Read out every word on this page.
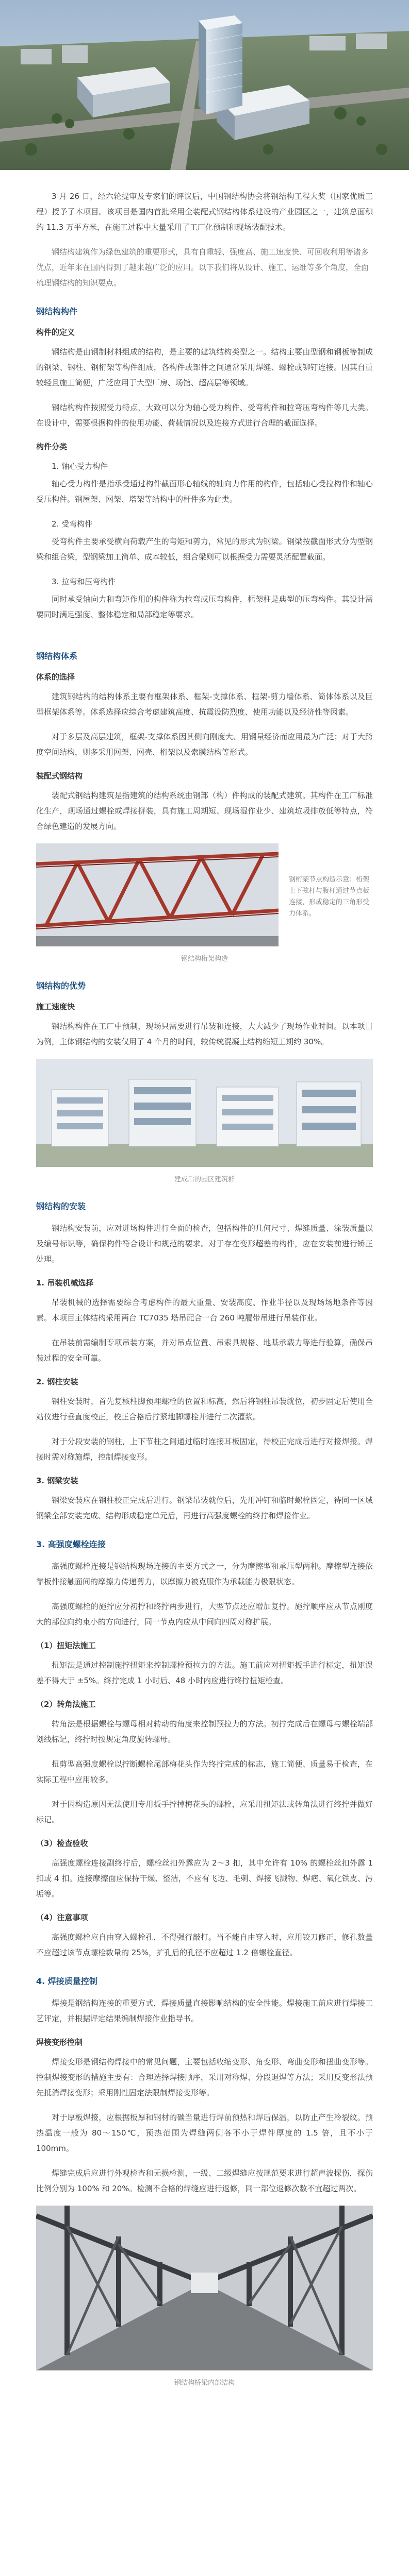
3 月 26 日，经六轮提审及专家们的评议后，中国钢结构协会将钢结构工程大奖（国家优质工程）授予了本项目。该项目是国内首批采用全装配式钢结构体系建设的产业园区之一，建筑总面积约 11.3 万平方米，在施工过程中大量采用了工厂化预制和现场装配技术。

钢结构建筑作为绿色建筑的重要形式，具有自重轻、强度高、施工速度快、可回收利用等诸多优点，近年来在国内得到了越来越广泛的应用。以下我们将从设计、施工、运维等多个角度，全面梳理钢结构的知识要点。

钢结构构件
构件的定义

钢结构是由钢制材料组成的结构，是主要的建筑结构类型之一。结构主要由型钢和钢板等制成的钢梁、钢柱、钢桁架等构件组成，各构件或部件之间通常采用焊缝、螺栓或铆钉连接。因其自重较轻且施工简便，广泛应用于大型厂房、场馆、超高层等领域。

钢结构构件按照受力特点，大致可以分为轴心受力构件、受弯构件和拉弯压弯构件等几大类。在设计中，需要根据构件的使用功能、荷载情况以及连接方式进行合理的截面选择。

构件分类
1. 轴心受力构件

轴心受力构件是指承受通过构件截面形心轴线的轴向力作用的构件，包括轴心受拉构件和轴心受压构件。钢屋架、网架、塔架等结构中的杆件多为此类。

2. 受弯构件

受弯构件主要承受横向荷载产生的弯矩和剪力，常见的形式为钢梁。钢梁按截面形式分为型钢梁和组合梁，型钢梁加工简单、成本较低，组合梁则可以根据受力需要灵活配置截面。

3. 拉弯和压弯构件

同时承受轴向力和弯矩作用的构件称为拉弯或压弯构件，框架柱是典型的压弯构件。其设计需要同时满足强度、整体稳定和局部稳定等要求。

钢结构体系
体系的选择

建筑钢结构的结构体系主要有框架体系、框架-支撑体系、框架-剪力墙体系、筒体体系以及巨型框架体系等。体系选择应综合考虑建筑高度、抗震设防烈度、使用功能以及经济性等因素。

对于多层及高层建筑，框架-支撑体系因其侧向刚度大、用钢量经济而应用最为广泛；对于大跨度空间结构，则多采用网架、网壳、桁架以及索膜结构等形式。

装配式钢结构

装配式钢结构建筑是指建筑的结构系统由钢部（构）件构成的装配式建筑。其构件在工厂标准化生产，现场通过螺栓或焊接拼装，具有施工周期短、现场湿作业少、建筑垃圾排放低等特点，符合绿色建造的发展方向。

钢桁架节点构造示意：桁架上下弦杆与腹杆通过节点板连接，形成稳定的三角形受力体系。
钢结构桁架构造
钢结构的优势
施工速度快

钢结构构件在工厂中预制，现场只需要进行吊装和连接，大大减少了现场作业时间。以本项目为例，主体钢结构的安装仅用了 4 个月的时间，较传统混凝土结构缩短工期约 30%。

建成后的园区建筑群
钢结构的安装

钢结构安装前，应对进场构件进行全面的检查，包括构件的几何尺寸、焊缝质量、涂装质量以及编号标识等，确保构件符合设计和规范的要求。对于存在变形超差的构件，应在安装前进行矫正处理。

1. 吊装机械选择

吊装机械的选择需要综合考虑构件的最大重量、安装高度、作业半径以及现场场地条件等因素。本项目主体结构采用两台 TC7035 塔吊配合一台 260 吨履带吊进行吊装作业。

在吊装前需编制专项吊装方案，并对吊点位置、吊索具规格、地基承载力等进行验算，确保吊装过程的安全可靠。

2. 钢柱安装

钢柱安装时，首先复核柱脚预埋螺栓的位置和标高，然后将钢柱吊装就位，初步固定后使用全站仪进行垂直度校正，校正合格后拧紧地脚螺栓并进行二次灌浆。

对于分段安装的钢柱，上下节柱之间通过临时连接耳板固定，待校正完成后进行对接焊接。焊接时需对称施焊，控制焊接变形。

3. 钢梁安装

钢梁安装应在钢柱校正完成后进行。钢梁吊装就位后，先用冲钉和临时螺栓固定，待同一区域钢梁全部安装完成、结构形成稳定单元后，再进行高强度螺栓的终拧和焊接作业。

3. 高强度螺栓连接

高强度螺栓连接是钢结构现场连接的主要方式之一，分为摩擦型和承压型两种。摩擦型连接依靠板件接触面间的摩擦力传递剪力，以摩擦力被克服作为承载能力极限状态。

高强度螺栓的施拧应分初拧和终拧两步进行，大型节点还应增加复拧。施拧顺序应从节点刚度大的部位向约束小的方向进行，同一节点内应从中间向四周对称扩展。

（1）扭矩法施工

扭矩法是通过控制施拧扭矩来控制螺栓预拉力的方法。施工前应对扭矩扳手进行标定，扭矩误差不得大于 ±5%。终拧完成 1 小时后、48 小时内应进行终拧扭矩检查。

（2）转角法施工

转角法是根据螺栓与螺母相对转动的角度来控制预拉力的方法。初拧完成后在螺母与螺栓端部划线标记，终拧时按规定角度旋转螺母。

扭剪型高强度螺栓以拧断螺栓尾部梅花头作为终拧完成的标志，施工简便、质量易于检查，在实际工程中应用较多。

对于因构造原因无法使用专用扳手拧掉梅花头的螺栓，应采用扭矩法或转角法进行终拧并做好标记。

（3）检查验收

高强度螺栓连接副终拧后，螺栓丝扣外露应为 2～3 扣，其中允许有 10% 的螺栓丝扣外露 1 扣或 4 扣。连接摩擦面应保持干燥、整洁，不应有飞边、毛刺、焊接飞溅物、焊疤、氧化铁皮、污垢等。

（4）注意事项

高强度螺栓应自由穿入螺栓孔，不得强行敲打。当不能自由穿入时，应用铰刀修正，修孔数量不应超过该节点螺栓数量的 25%，扩孔后的孔径不应超过 1.2 倍螺栓直径。

4. 焊接质量控制

焊接是钢结构连接的重要方式，焊接质量直接影响结构的安全性能。焊接施工前应进行焊接工艺评定，并根据评定结果编制焊接作业指导书。

焊接变形控制

焊接变形是钢结构焊接中的常见问题，主要包括收缩变形、角变形、弯曲变形和扭曲变形等。控制焊接变形的措施主要有：合理选择焊接顺序，采用对称焊、分段退焊等方法；采用反变形法预先抵消焊接变形；采用刚性固定法限制焊接变形等。

对于厚板焊接，应根据板厚和钢材的碳当量进行焊前预热和焊后保温，以防止产生冷裂纹。预热温度一般为 80～150℃，预热范围为焊缝两侧各不小于焊件厚度的 1.5 倍，且不小于 100mm。

焊缝完成后应进行外观检查和无损检测，一级、二级焊缝应按规范要求进行超声波探伤，探伤比例分别为 100% 和 20%。检测不合格的焊缝应进行返修，同一部位返修次数不宜超过两次。

钢结构桥梁内部结构
